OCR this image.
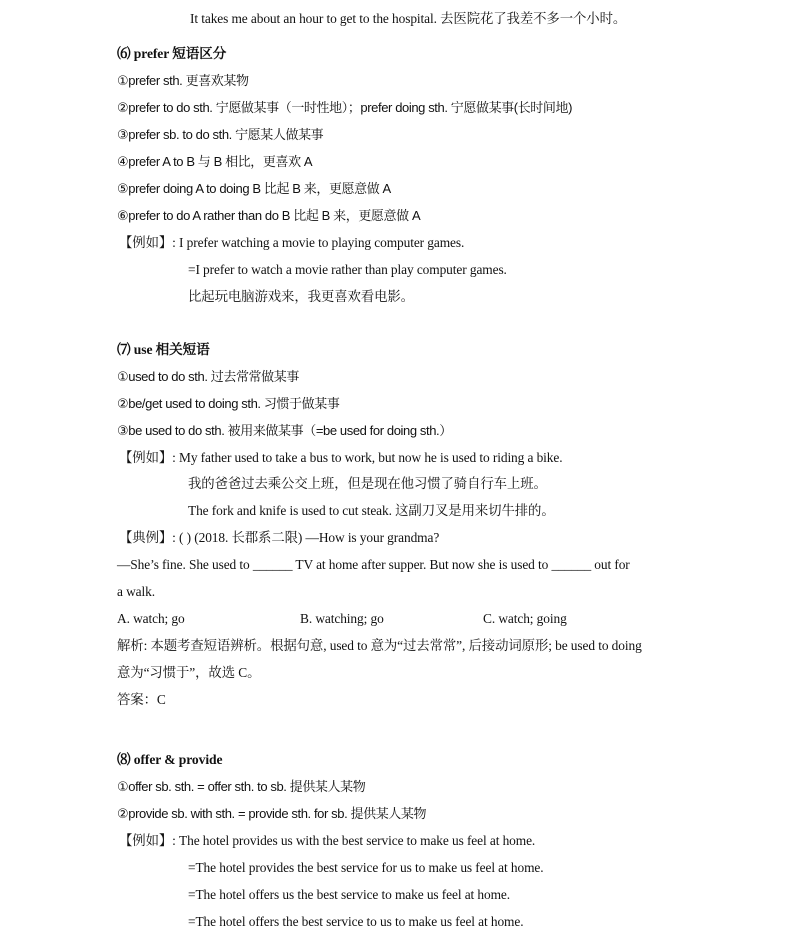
It takes me about an hour to get to the hospital. 去医院花了我差不多一个小时。
⑹ prefer 短语区分
①prefer sth. 更喜欢某物
②prefer to do sth. 宁愿做某事（一时性地）；prefer doing sth. 宁愿做某事(长时间地)
③prefer sb. to do sth. 宁愿某人做某事
④prefer A to B 与 B 相比，更喜欢 A
⑤prefer doing A to doing B 比起 B 来，更愿意做 A
⑥prefer to do A rather than do B 比起 B 来，更愿意做 A
【例如】: I prefer watching a movie to playing computer games.
=I prefer to watch a movie rather than play computer games.
比起玩电脑游戏来，我更喜欢看电影。
⑺ use 相关短语
①used to do sth. 过去常常做某事
②be/get used to doing sth. 习惯于做某事
③be used to do sth. 被用来做某事（=be used for doing sth.）
【例如】: My father used to take a bus to work, but now he is used to riding a bike.
我的爸爸过去乘公交上班，但是现在他习惯了骑自行车上班。
The fork and knife is used to cut steak. 这副刀叉是用来切牛排的。
【典例】: ( ) (2018. 长郡系二限) —How is your grandma?
—She’s fine. She used to ______ TV at home after supper. But now she is used to ______ out for
a walk.
A. watch; go	B. watching; go	C. watch; going
解析: 本题考查短语辨析。根据句意, used to 意为“过去常常”, 后接动词原形; be used to doing
意为“习惯于”，故选 C。
答案：C
⑻ offer & provide
①offer sb. sth. = offer sth. to sb. 提供某人某物
②provide sb. with sth. = provide sth. for sb. 提供某人某物
【例如】: The hotel provides us with the best service to make us feel at home.
=The hotel provides the best service for us to make us feel at home.
=The hotel offers us the best service to make us feel at home.
=The hotel offers the best service to us to make us feel at home.
